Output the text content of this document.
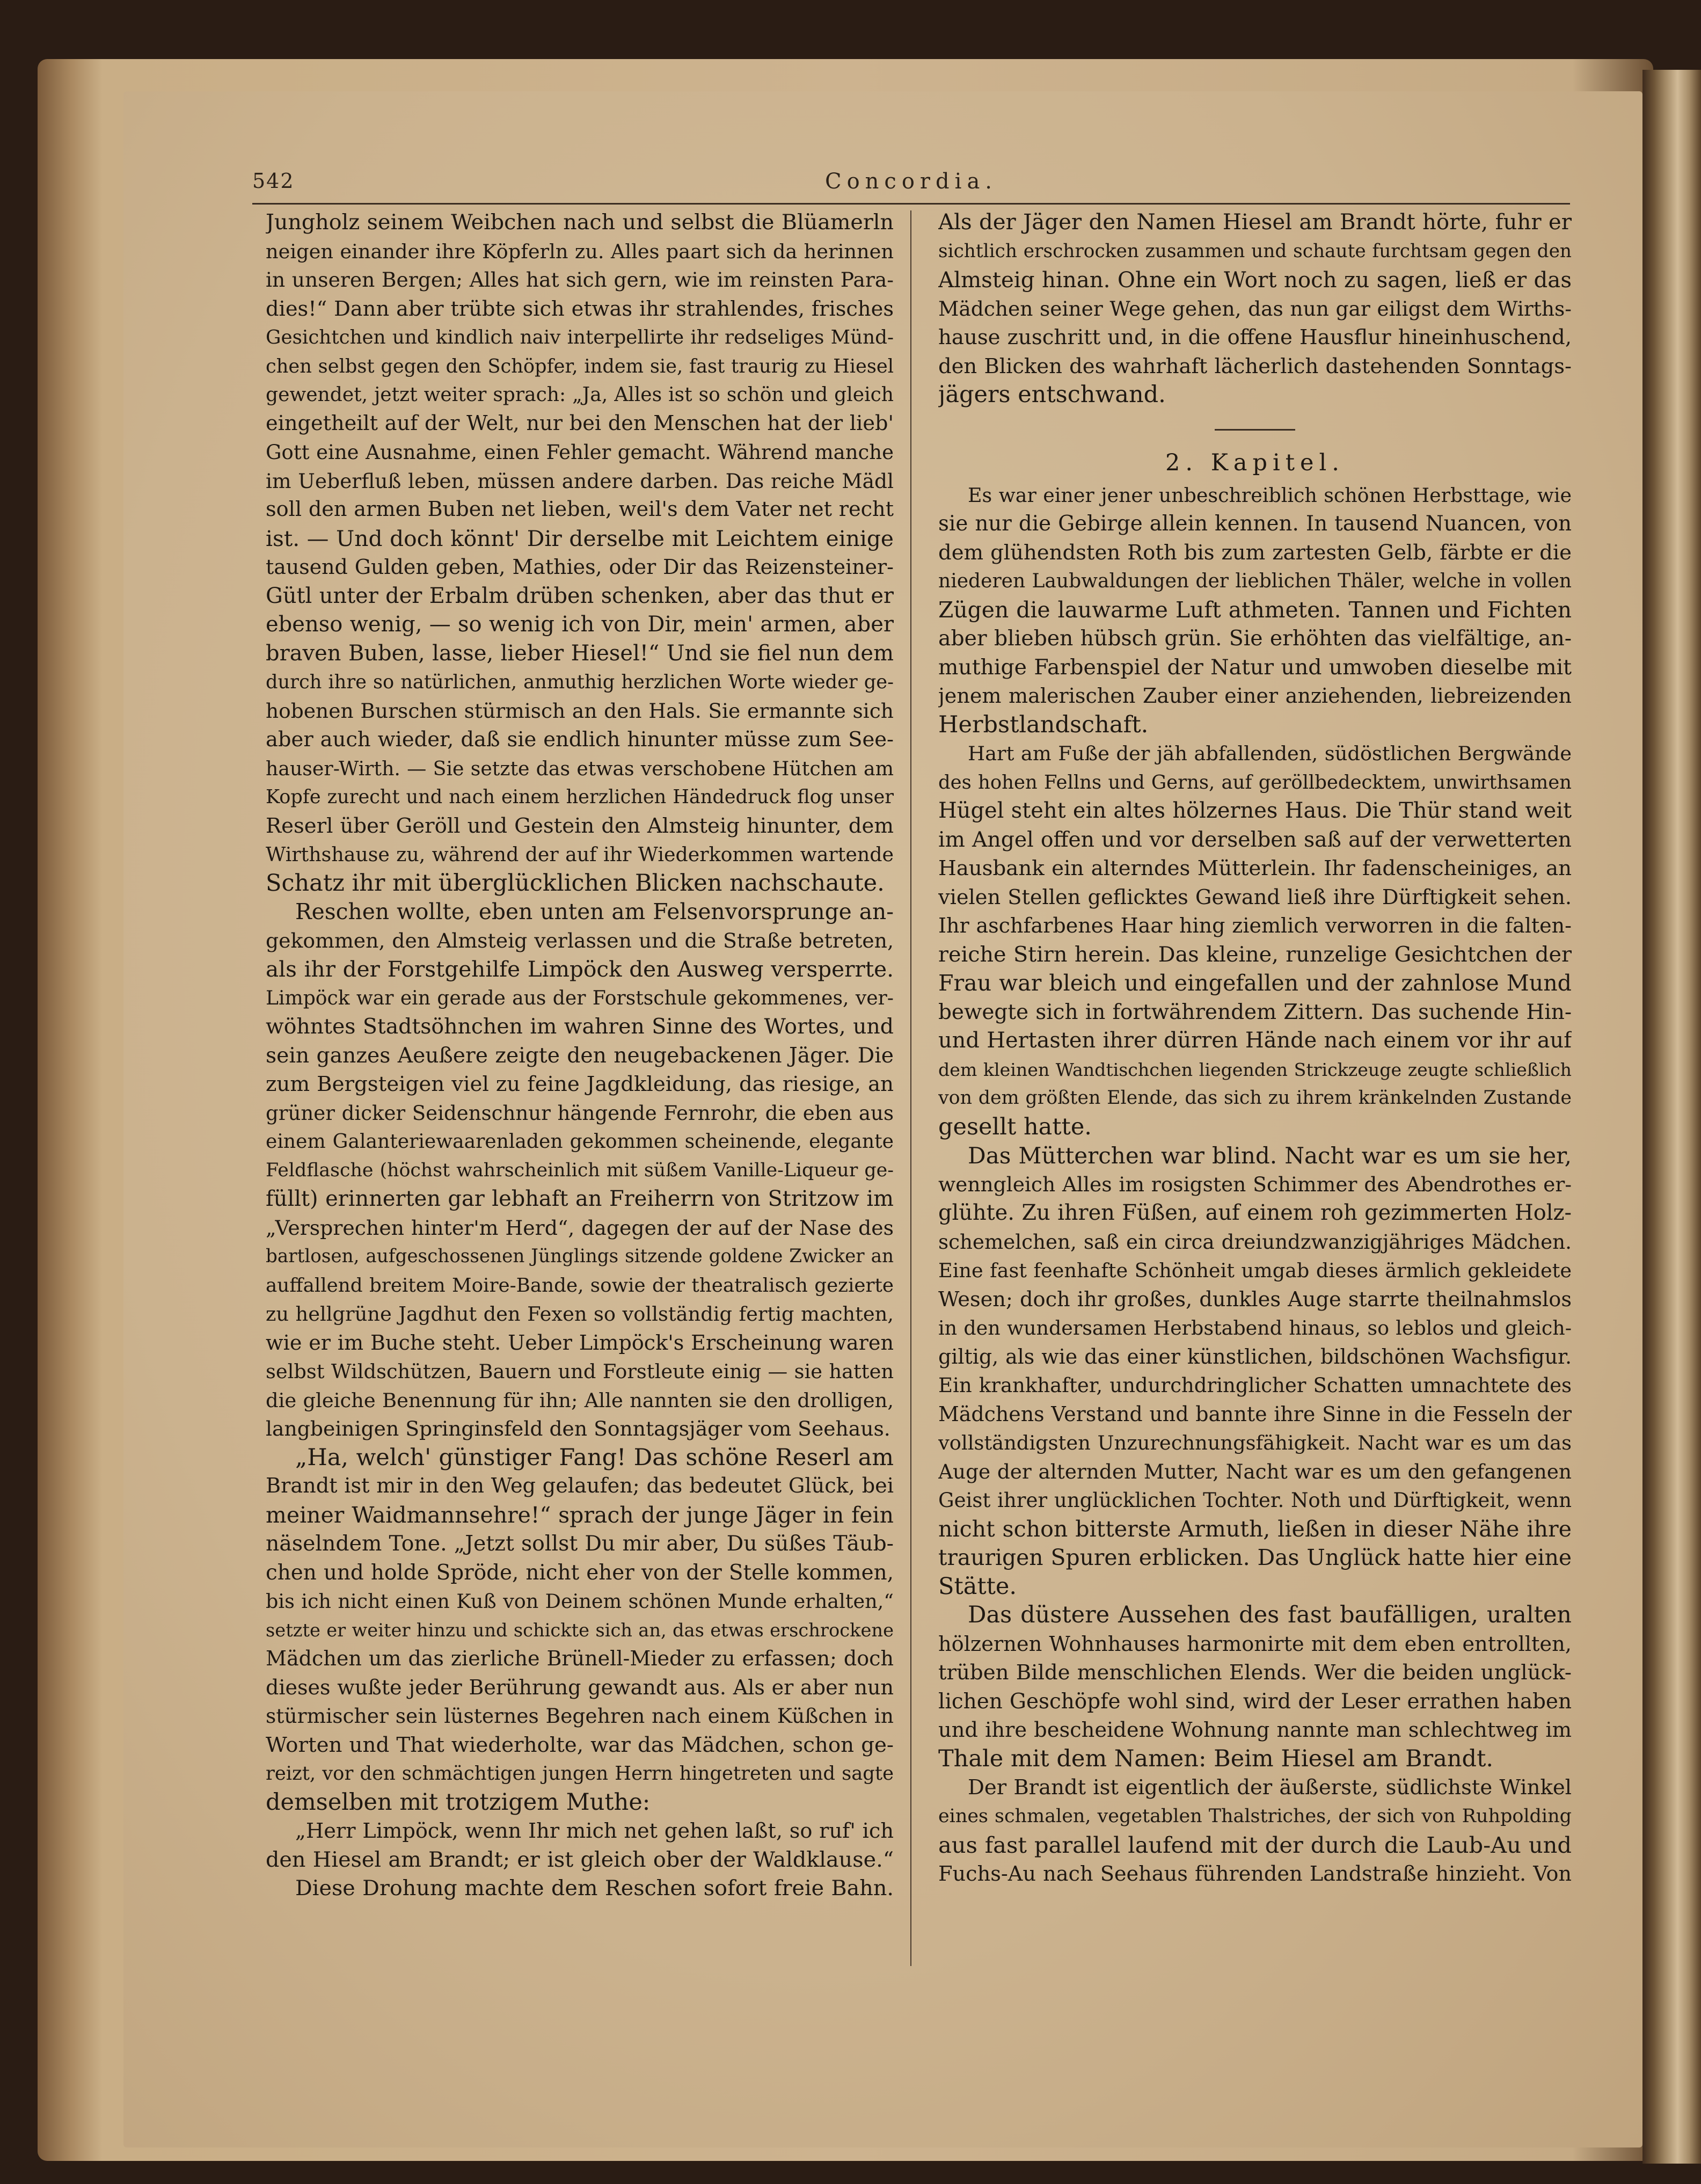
542	Concordia.
Jungholz seinem Weibchen nach und selbst die Blüamerln
neigen einander ihre Köpferln zu. Alles paart sich da herinnen
in unseren Bergen; Alles hat sich gern, wie im reinsten Para-
dies!“ Dann aber trübte sich etwas ihr strahlendes, frisches
Gesichtchen und kindlich naiv interpellirte ihr redseliges Münd-
chen selbst gegen den Schöpfer, indem sie, fast traurig zu Hiesel
gewendet, jetzt weiter sprach: „Ja, Alles ist so schön und gleich
eingetheilt auf der Welt, nur bei den Menschen hat der lieb'
Gott eine Ausnahme, einen Fehler gemacht. Während manche
im Ueberfluß leben, müssen andere darben. Das reiche Mädl
soll den armen Buben net lieben, weil's dem Vater net recht
ist. — Und doch könnt' Dir derselbe mit Leichtem einige
tausend Gulden geben, Mathies, oder Dir das Reizensteiner-
Gütl unter der Erbalm drüben schenken, aber das thut er
ebenso wenig, — so wenig ich von Dir, mein' armen, aber
braven Buben, lasse, lieber Hiesel!“ Und sie fiel nun dem
durch ihre so natürlichen, anmuthig herzlichen Worte wieder ge-
hobenen Burschen stürmisch an den Hals. Sie ermannte sich
aber auch wieder, daß sie endlich hinunter müsse zum See-
hauser-Wirth. — Sie setzte das etwas verschobene Hütchen am
Kopfe zurecht und nach einem herzlichen Händedruck flog unser
Reserl über Geröll und Gestein den Almsteig hinunter, dem
Wirthshause zu, während der auf ihr Wiederkommen wartende
Schatz ihr mit überglücklichen Blicken nachschaute.
Reschen wollte, eben unten am Felsenvorsprunge an-
gekommen, den Almsteig verlassen und die Straße betreten,
als ihr der Forstgehilfe Limpöck den Ausweg versperrte.
Limpöck war ein gerade aus der Forstschule gekommenes, ver-
wöhntes Stadtsöhnchen im wahren Sinne des Wortes, und
sein ganzes Aeußere zeigte den neugebackenen Jäger. Die
zum Bergsteigen viel zu feine Jagdkleidung, das riesige, an
grüner dicker Seidenschnur hängende Fernrohr, die eben aus
einem Galanteriewaarenladen gekommen scheinende, elegante
Feldflasche (höchst wahrscheinlich mit süßem Vanille-Liqueur ge-
füllt) erinnerten gar lebhaft an Freiherrn von Stritzow im
„Versprechen hinter'm Herd“, dagegen der auf der Nase des
bartlosen, aufgeschossenen Jünglings sitzende goldene Zwicker an
auffallend breitem Moire-Bande, sowie der theatralisch gezierte
zu hellgrüne Jagdhut den Fexen so vollständig fertig machten,
wie er im Buche steht. Ueber Limpöck's Erscheinung waren
selbst Wildschützen, Bauern und Forstleute einig — sie hatten
die gleiche Benennung für ihn; Alle nannten sie den drolligen,
langbeinigen Springinsfeld den Sonntagsjäger vom Seehaus.
„Ha, welch' günstiger Fang! Das schöne Reserl am
Brandt ist mir in den Weg gelaufen; das bedeutet Glück, bei
meiner Waidmannsehre!“ sprach der junge Jäger in fein
näselndem Tone. „Jetzt sollst Du mir aber, Du süßes Täub-
chen und holde Spröde, nicht eher von der Stelle kommen,
bis ich nicht einen Kuß von Deinem schönen Munde erhalten,“
setzte er weiter hinzu und schickte sich an, das etwas erschrockene
Mädchen um das zierliche Brünell-Mieder zu erfassen; doch
dieses wußte jeder Berührung gewandt aus. Als er aber nun
stürmischer sein lüsternes Begehren nach einem Küßchen in
Worten und That wiederholte, war das Mädchen, schon ge-
reizt, vor den schmächtigen jungen Herrn hingetreten und sagte
demselben mit trotzigem Muthe:
„Herr Limpöck, wenn Ihr mich net gehen laßt, so ruf' ich
den Hiesel am Brandt; er ist gleich ober der Waldklause.“
Diese Drohung machte dem Reschen sofort freie Bahn.
Als der Jäger den Namen Hiesel am Brandt hörte, fuhr er
sichtlich erschrocken zusammen und schaute furchtsam gegen den
Almsteig hinan. Ohne ein Wort noch zu sagen, ließ er das
Mädchen seiner Wege gehen, das nun gar eiligst dem Wirths-
hause zuschritt und, in die offene Hausflur hineinhuschend,
den Blicken des wahrhaft lächerlich dastehenden Sonntags-
jägers entschwand.
2. Kapitel.
Es war einer jener unbeschreiblich schönen Herbsttage, wie
sie nur die Gebirge allein kennen. In tausend Nuancen, von
dem glühendsten Roth bis zum zartesten Gelb, färbte er die
niederen Laubwaldungen der lieblichen Thäler, welche in vollen
Zügen die lauwarme Luft athmeten. Tannen und Fichten
aber blieben hübsch grün. Sie erhöhten das vielfältige, an-
muthige Farbenspiel der Natur und umwoben dieselbe mit
jenem malerischen Zauber einer anziehenden, liebreizenden
Herbstlandschaft.
Hart am Fuße der jäh abfallenden, südöstlichen Bergwände
des hohen Fellns und Gerns, auf geröllbedecktem, unwirthsamen
Hügel steht ein altes hölzernes Haus. Die Thür stand weit
im Angel offen und vor derselben saß auf der verwetterten
Hausbank ein alterndes Mütterlein. Ihr fadenscheiniges, an
vielen Stellen geflicktes Gewand ließ ihre Dürftigkeit sehen.
Ihr aschfarbenes Haar hing ziemlich verworren in die falten-
reiche Stirn herein. Das kleine, runzelige Gesichtchen der
Frau war bleich und eingefallen und der zahnlose Mund
bewegte sich in fortwährendem Zittern. Das suchende Hin-
und Hertasten ihrer dürren Hände nach einem vor ihr auf
dem kleinen Wandtischchen liegenden Strickzeuge zeugte schließlich
von dem größten Elende, das sich zu ihrem kränkelnden Zustande
gesellt hatte.
Das Mütterchen war blind. Nacht war es um sie her,
wenngleich Alles im rosigsten Schimmer des Abendrothes er-
glühte. Zu ihren Füßen, auf einem roh gezimmerten Holz-
schemelchen, saß ein circa dreiundzwanzigjähriges Mädchen.
Eine fast feenhafte Schönheit umgab dieses ärmlich gekleidete
Wesen; doch ihr großes, dunkles Auge starrte theilnahmslos
in den wundersamen Herbstabend hinaus, so leblos und gleich-
giltig, als wie das einer künstlichen, bildschönen Wachsfigur.
Ein krankhafter, undurchdringlicher Schatten umnachtete des
Mädchens Verstand und bannte ihre Sinne in die Fesseln der
vollständigsten Unzurechnungsfähigkeit. Nacht war es um das
Auge der alternden Mutter, Nacht war es um den gefangenen
Geist ihrer unglücklichen Tochter. Noth und Dürftigkeit, wenn
nicht schon bitterste Armuth, ließen in dieser Nähe ihre
traurigen Spuren erblicken. Das Unglück hatte hier eine
Stätte.
Das düstere Aussehen des fast baufälligen, uralten
hölzernen Wohnhauses harmonirte mit dem eben entrollten,
trüben Bilde menschlichen Elends. Wer die beiden unglück-
lichen Geschöpfe wohl sind, wird der Leser errathen haben
und ihre bescheidene Wohnung nannte man schlechtweg im
Thale mit dem Namen: Beim Hiesel am Brandt.
Der Brandt ist eigentlich der äußerste, südlichste Winkel
eines schmalen, vegetablen Thalstriches, der sich von Ruhpolding
aus fast parallel laufend mit der durch die Laub-Au und
Fuchs-Au nach Seehaus führenden Landstraße hinzieht. Von
